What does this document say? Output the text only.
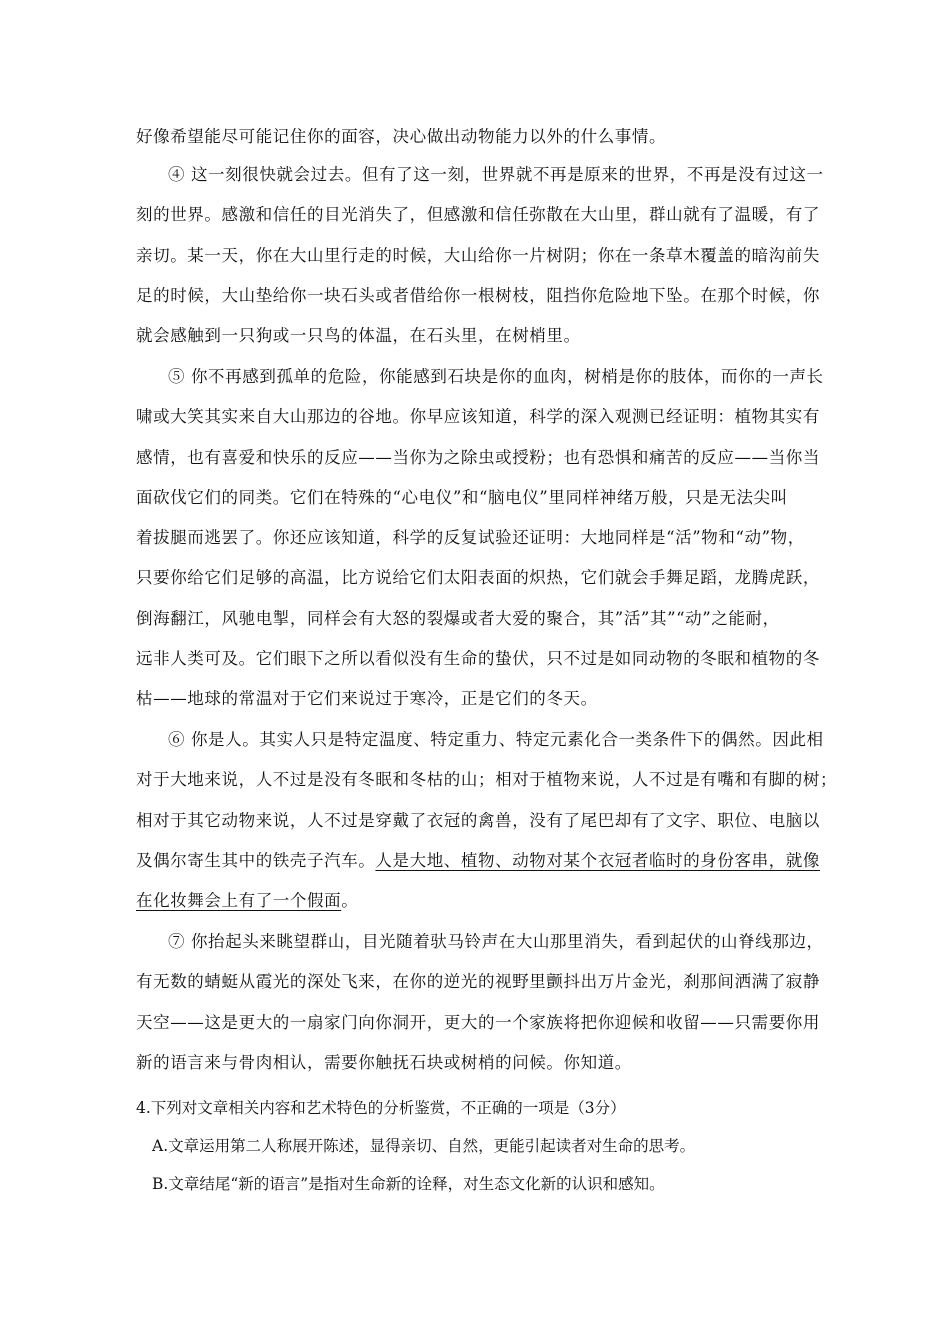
好像希望能尽可能记住你的面容，决心做出动物能力以外的什么事情。
④ 这一刻很快就会过去。但有了这一刻，世界就不再是原来的世界，不再是没有过这一
刻的世界。感激和信任的目光消失了，但感激和信任弥散在大山里，群山就有了温暖，有了
亲切。某一天，你在大山里行走的时候，大山给你一片树阴；你在一条草木覆盖的暗沟前失
足的时候，大山垫给你一块石头或者借给你一根树枝，阻挡你危险地下坠。在那个时候，你
就会感触到一只狗或一只鸟的体温，在石头里，在树梢里。
⑤ 你不再感到孤单的危险，你能感到石块是你的血肉，树梢是你的肢体，而你的一声长
啸或大笑其实来自大山那边的谷地。你早应该知道，科学的深入观测已经证明：植物其实有
感情，也有喜爱和快乐的反应——当你为之除虫或授粉；也有恐惧和痛苦的反应——当你当
面砍伐它们的同类。它们在特殊的“心电仪”和“脑电仪”里同样神绪万般，只是无法尖叫
着拔腿而逃罢了。你还应该知道，科学的反复试验还证明：大地同样是“活”物和“动”物，
只要你给它们足够的高温，比方说给它们太阳表面的炽热，它们就会手舞足蹈，龙腾虎跃，
倒海翻江，风驰电掣，同样会有大怒的裂爆或者大爱的聚合，其”活”其”“动”之能耐，
远非人类可及。它们眼下之所以看似没有生命的蛰伏，只不过是如同动物的冬眠和植物的冬
枯——地球的常温对于它们来说过于寒冷，正是它们的冬天。
⑥ 你是人。其实人只是特定温度、特定重力、特定元素化合一类条件下的偶然。因此相
对于大地来说，人不过是没有冬眠和冬枯的山；相对于植物来说，人不过是有嘴和有脚的树；
相对于其它动物来说，人不过是穿戴了衣冠的禽兽，没有了尾巴却有了文字、职位、电脑以
及偶尔寄生其中的铁壳子汽车。人是大地、植物、动物对某个衣冠者临时的身份客串，就像
在化妆舞会上有了一个假面。
⑦ 你抬起头来眺望群山，目光随着驮马铃声在大山那里消失，看到起伏的山脊线那边，
有无数的蜻蜓从霞光的深处飞来，在你的逆光的视野里颤抖出万片金光，刹那间洒满了寂静
天空——这是更大的一扇家门向你洞开，更大的一个家族将把你迎候和收留——只需要你用
新的语言来与骨肉相认，需要你触抚石块或树梢的问候。你知道。
4.下列对文章相关内容和艺术特色的分析鉴赏，不正确的一项是（3分）
A.文章运用第二人称展开陈述，显得亲切、自然，更能引起读者对生命的思考。
B.文章结尾“新的语言”是指对生命新的诠释，对生态文化新的认识和感知。
